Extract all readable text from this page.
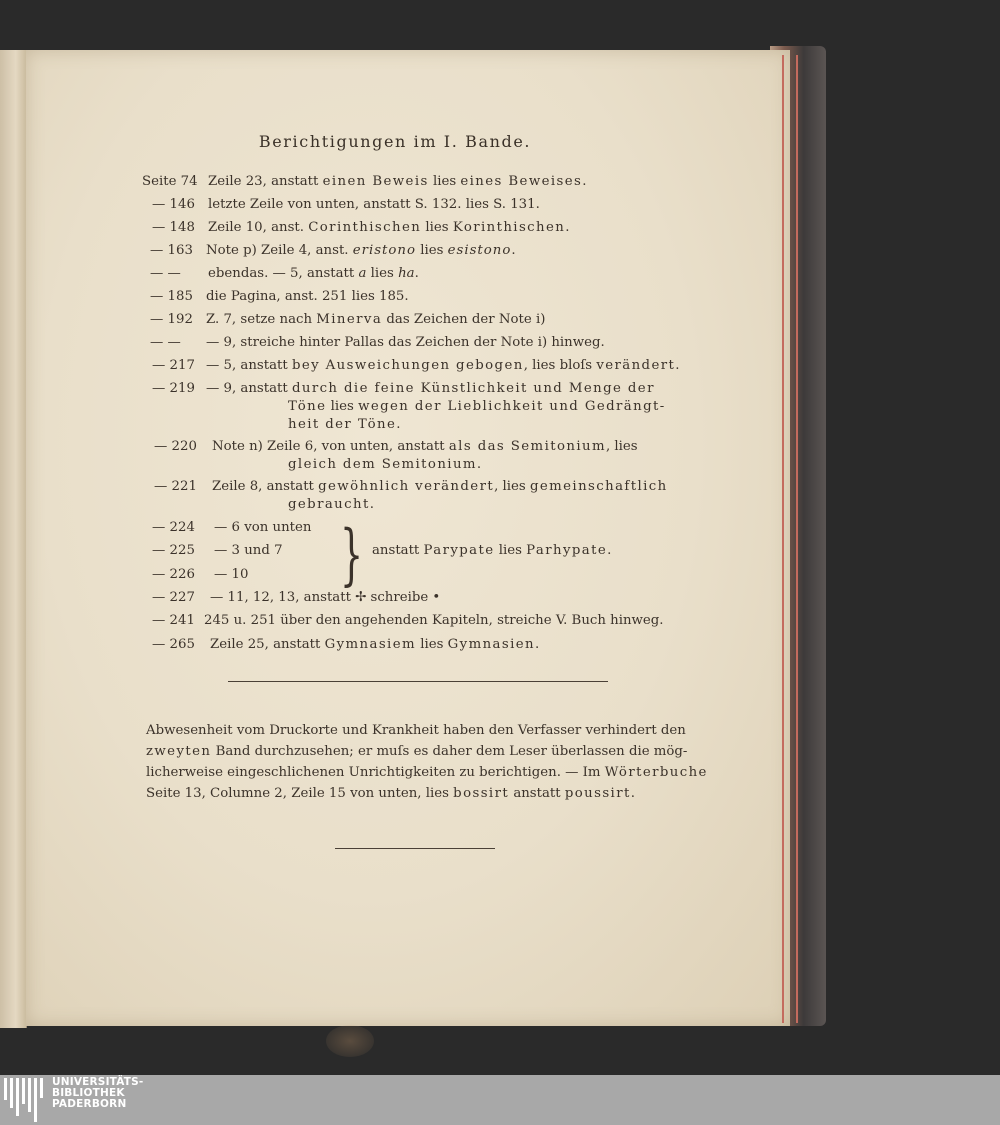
Berichtigungen im I. Bande.
Seite 74 Zeile 23, anstatt einen Beweis lies eines Beweises.
— 146 letzte Zeile von unten, anstatt S. 132. lies S. 131.
— 148 Zeile 10, anst. Corinthischen lies Korinthischen.
— 163 Note p) Zeile 4, anst. eristono lies esistono.
— — ebendas. — 5, anstatt a lies ha.
— 185 die Pagina, anst. 251 lies 185.
— 192 Z. 7, setze nach Minerva das Zeichen der Note i)
— — — 9, streiche hinter Pallas das Zeichen der Note i) hinweg.
— 217 — 5, anstatt bey Ausweichungen gebogen, lies bloſs verändert.
— 219 — 9, anstatt durch die feine Künstlichkeit und Menge der
Töne lies wegen der Lieblichkeit und Gedrängt-
heit der Töne.
— 220 Note n) Zeile 6, von unten, anstatt als das Semitonium, lies
gleich dem Semitonium.
— 221 Zeile 8, anstatt gewöhnlich verändert, lies gemeinschaftlich
gebraucht.
— 224 — 6 von unten
— 225 — 3 und 7
— 226 — 10
— 227 — 11, 12, 13, anstatt ✢ schreibe •
— 241 245 u. 251 über den angehenden Kapiteln, streiche V. Buch hinweg.
— 265 Zeile 25, anstatt Gymnasiem lies Gymnasien.
} anstatt Parypate lies Parhypate.
Abwesenheit vom Druckorte und Krankheit haben den Verfasser verhindert den
zweyten Band durchzusehen; er muſs es daher dem Leser überlassen die mög-
licherweise eingeschlichenen Unrichtigkeiten zu berichtigen. — Im Wörterbuche
Seite 13, Columne 2, Zeile 15 von unten, lies bossirt anstatt poussirt.
UNIVERSITÄTS-
BIBLIOTHEK
PADERBORN
